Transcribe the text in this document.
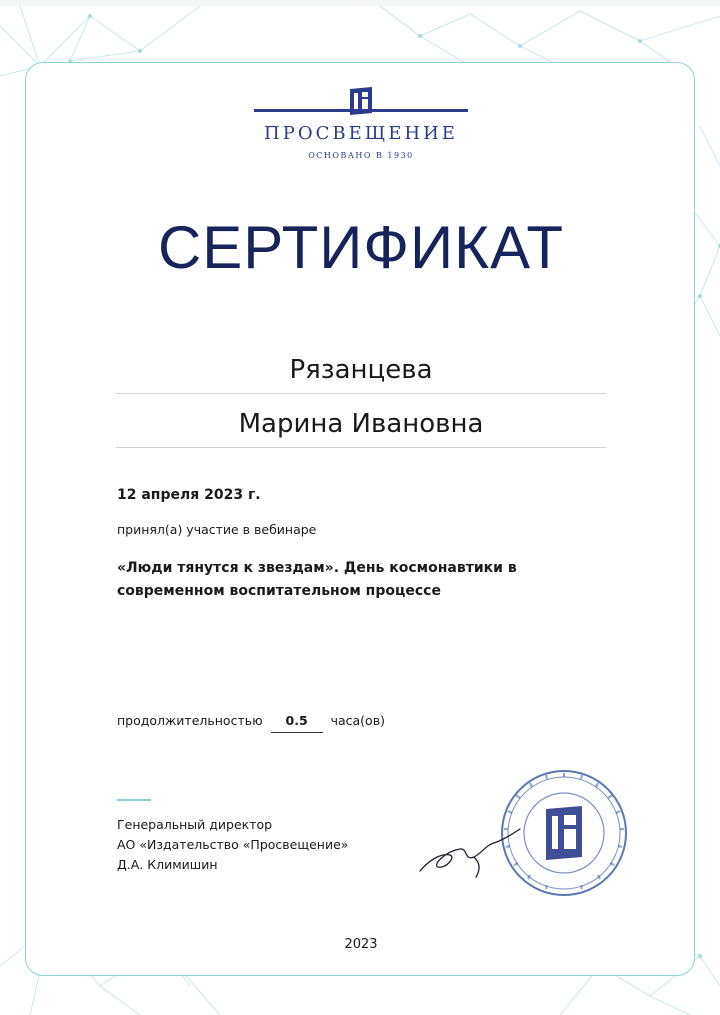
ПРОСВЕЩЕНИЕ
ОСНОВАНО В 1930
СЕРТИФИКАТ
Рязанцева
Марина Ивановна
12 апреля 2023 г.
принял(а) участие в вебинаре
«Люди тянутся к звездам». День космонавтики в современном воспитательном процессе
продолжительностью 0.5 часа(ов)
Генеральный директор
АО «Издательство «Просвещение»
Д.А. Климишин
2023
